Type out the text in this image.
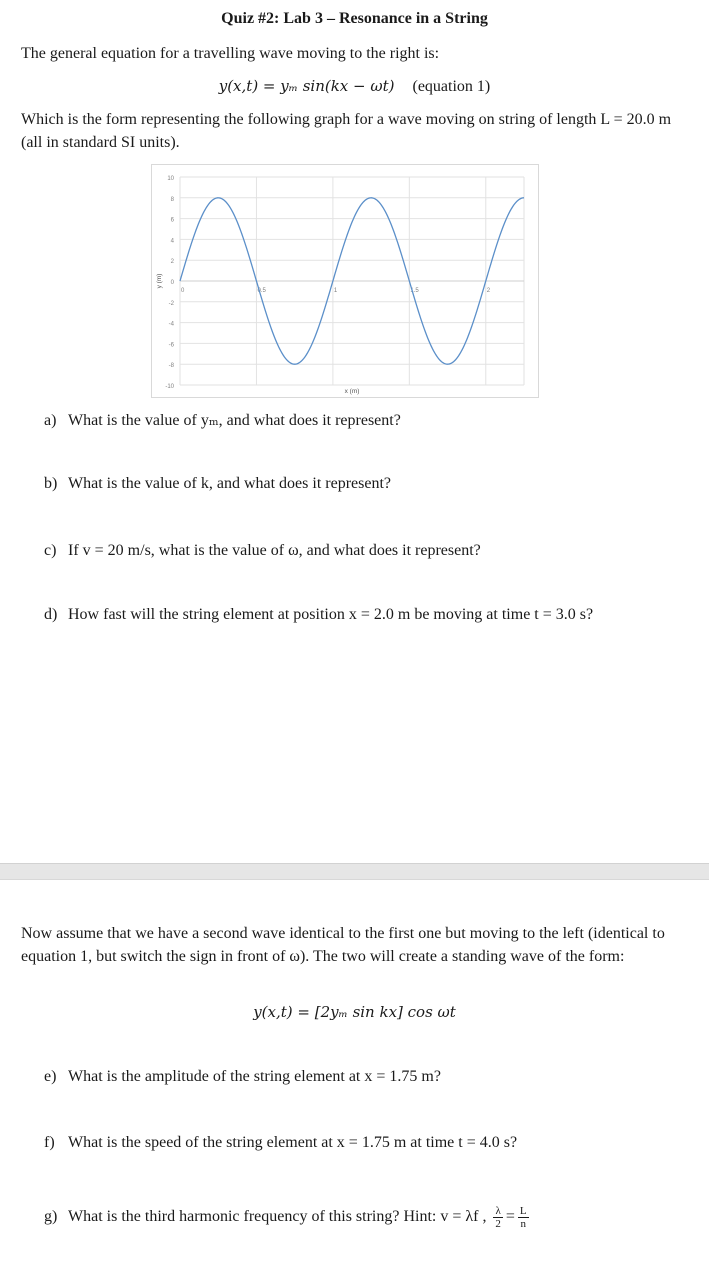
Quiz #2: Lab 3 – Resonance in a String
The general equation for a travelling wave moving to the right is:
y(x,t) = yₘ sin(kx − ωt) (equation 1)
Which is the form representing the following graph for a wave moving on string of length L = 20.0 m (all in standard SI units).
10
8
6
4
2
0
-2
-4
-6
-8
-10
0	0.5	1	1.5	2
x (m)
y (m)
a) What is the value of yₘ, and what does it represent?
b) What is the value of k, and what does it represent?
c) If v = 20 m/s, what is the value of ω, and what does it represent?
d) How fast will the string element at position x = 2.0 m be moving at time t = 3.0 s?
Now assume that we have a second wave identical to the first one but moving to the left (identical to equation 1, but switch the sign in front of ω). The two will create a standing wave of the form:
y(x,t) = [2yₘ sin kx] cos ωt
e) What is the amplitude of the string element at x = 1.75 m?
f) What is the speed of the string element at x = 1.75 m at time t = 4.0 s?
g) What is the third harmonic frequency of this string? Hint: v = λf , $\frac{\lambda}{2} = \frac{L}{n}$
